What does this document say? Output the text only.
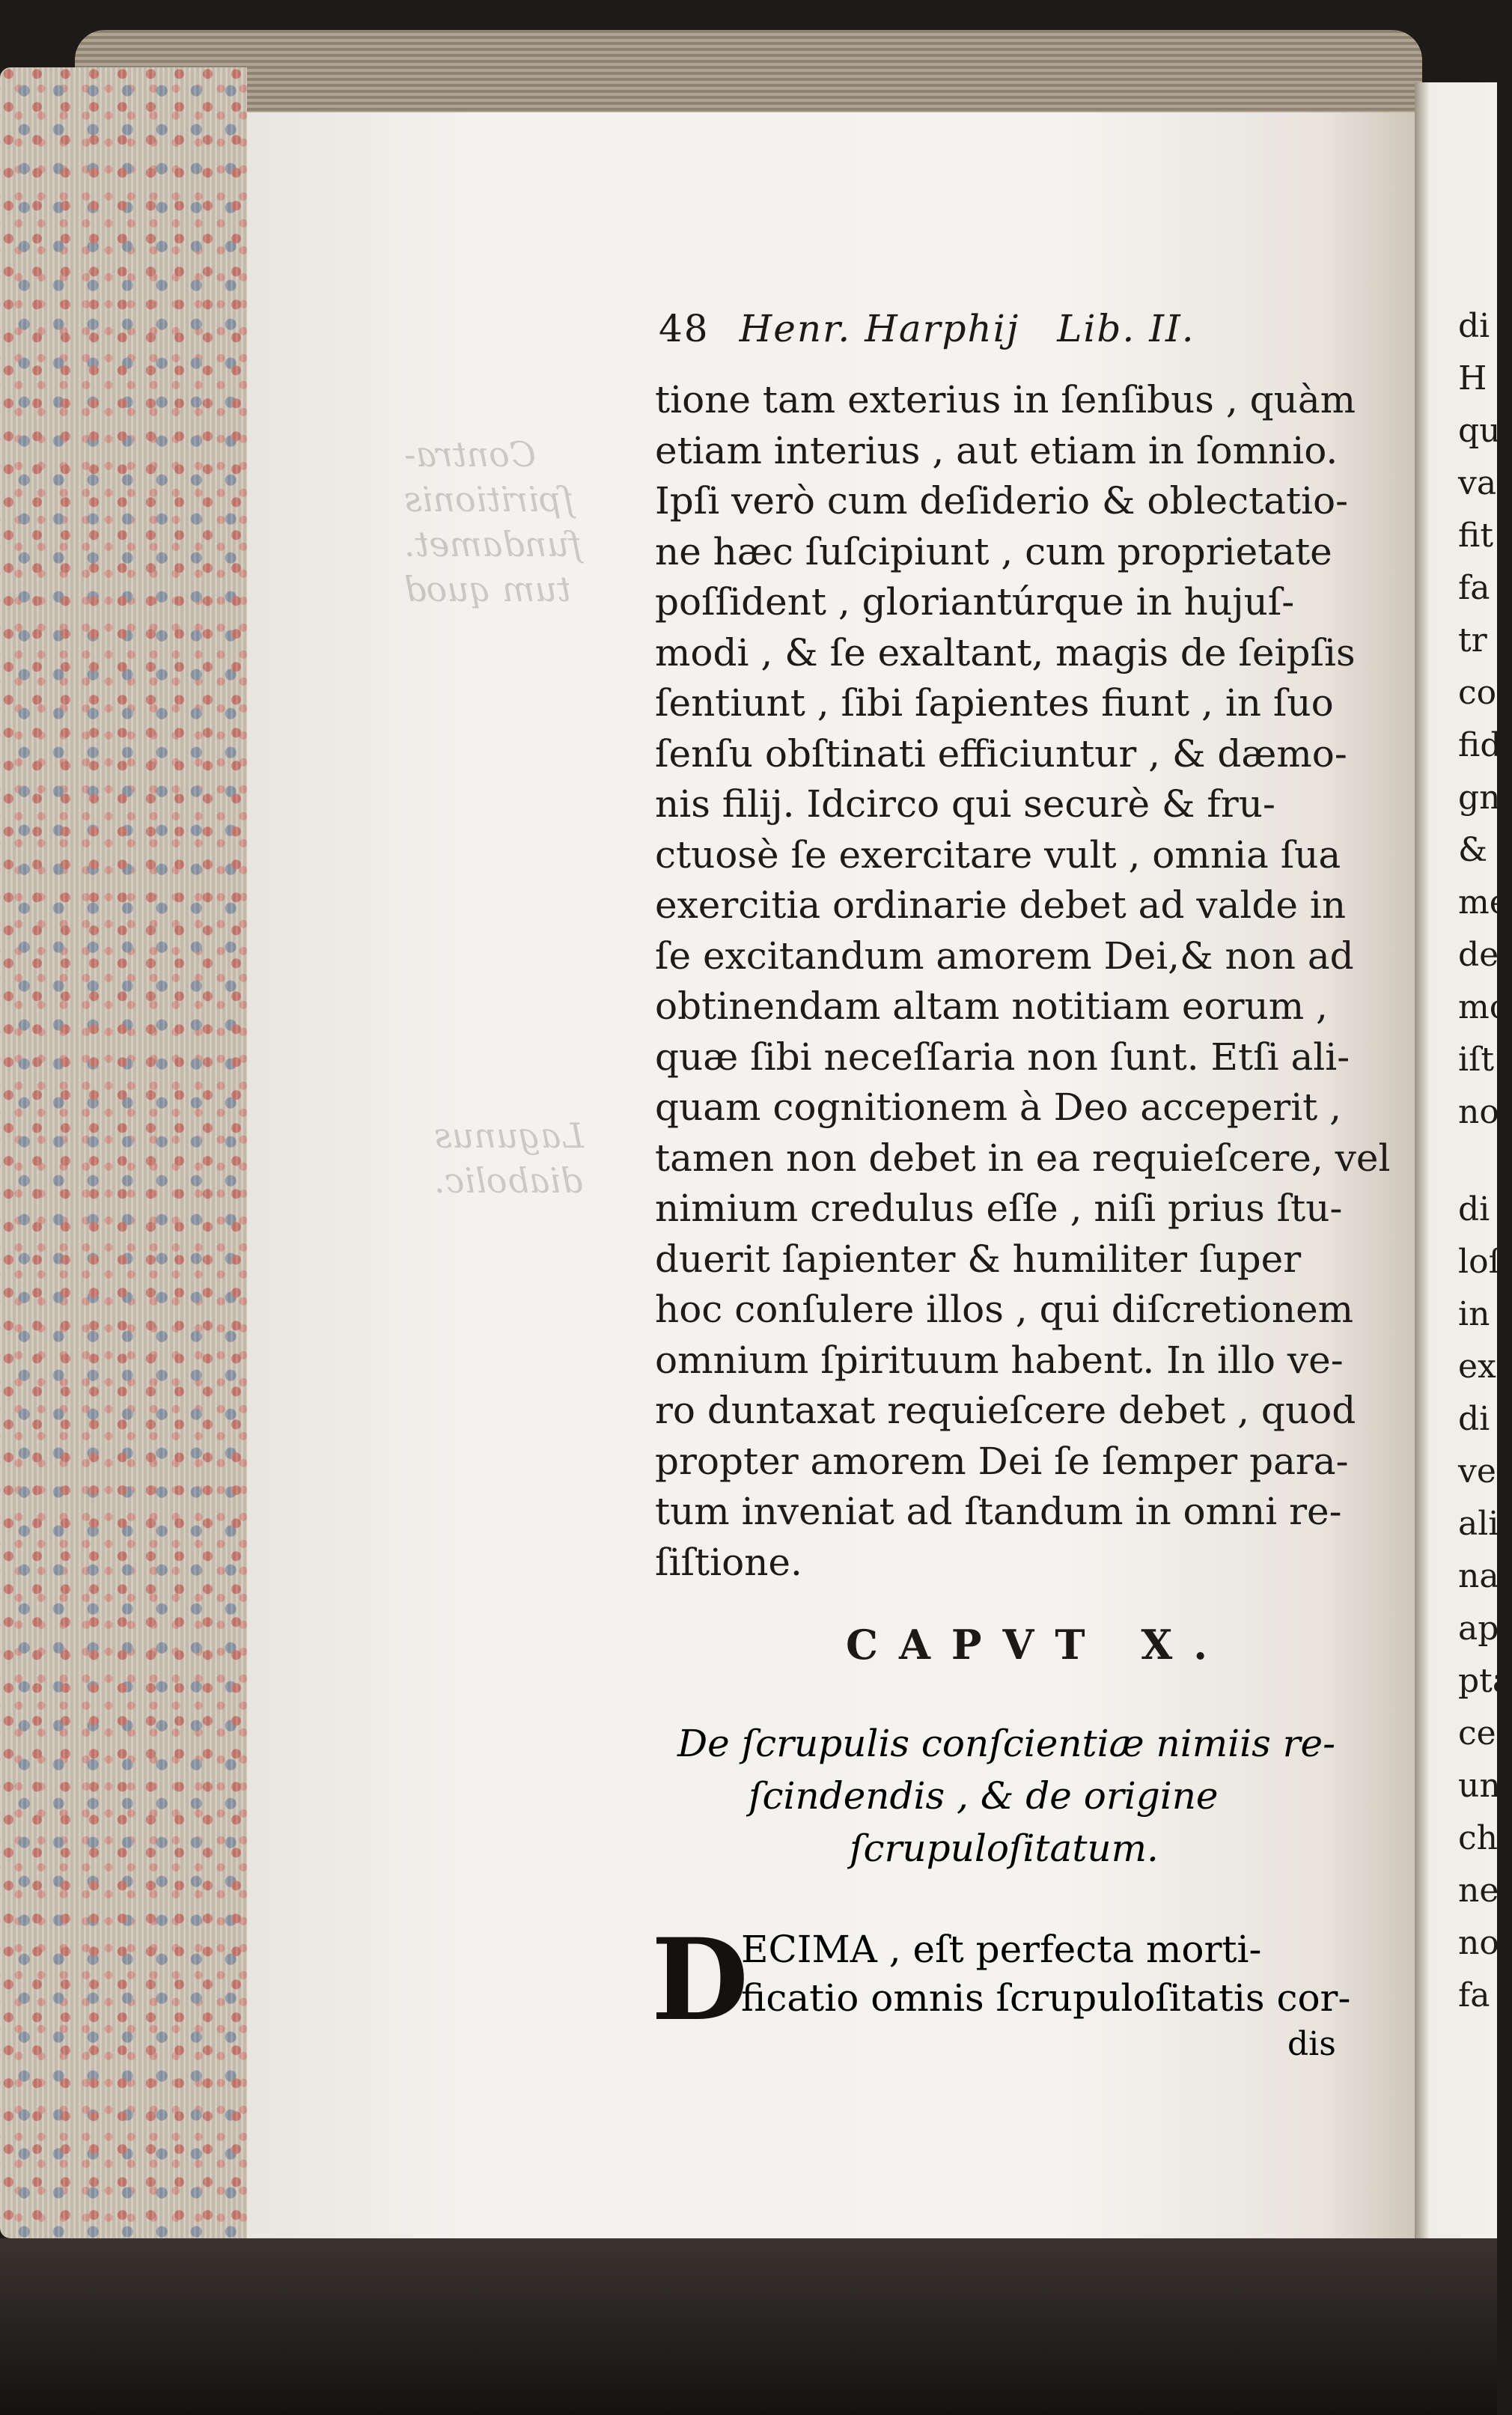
Contra-
ſpiritionis
fundamet.
tum quod
Lagunus
diabolic.
48 Henr. Harphij Lib. II.
tione tam exterius in ſenſibus , quàm
etiam interius , aut etiam in ſomnio.
Ipſi verò cum deſiderio & oblectatio-
ne hæc ſuſcipiunt , cum proprietate
poſſident , gloriantúrque in hujuſ-
modi , & ſe exaltant, magis de ſeipſis
ſentiunt , ſibi ſapientes fiunt , in ſuo
ſenſu obſtinati efficiuntur , & dæmo-
nis filij. Idcirco qui securè & fru-
ctuosè ſe exercitare vult , omnia ſua
exercitia ordinarie debet ad valde in
ſe excitandum amorem Dei,& non ad
obtinendam altam notitiam eorum ,
quæ ſibi neceſſaria non ſunt. Etſi ali-
quam cognitionem à Deo acceperit ,
tamen non debet in ea requieſcere, vel
nimium credulus eſſe , niſi prius ſtu-
duerit ſapienter & humiliter ſuper
hoc conſulere illos , qui diſcretionem
omnium ſpirituum habent. In illo ve-
ro duntaxat requieſcere debet , quod
propter amorem Dei ſe ſemper para-
tum inveniat ad ſtandum in omni re-
ſiſtione.
CAPVT X.
De ſcrupulis conſcientiæ nimiis re-
ſcindendis , & de origine
ſcrupuloſitatum.
D
ECIMA , eſt perfecta morti-
ficatio omnis ſcrupuloſitatis cor-
dis
di
H
qu
va
fit
fa
tr
co
fid
gn
&
me
de
mo
iſt
no
di
loſ
in
ex
di
ve
ali
na
ap
pta
ce
un
ch
ne
no
fa
